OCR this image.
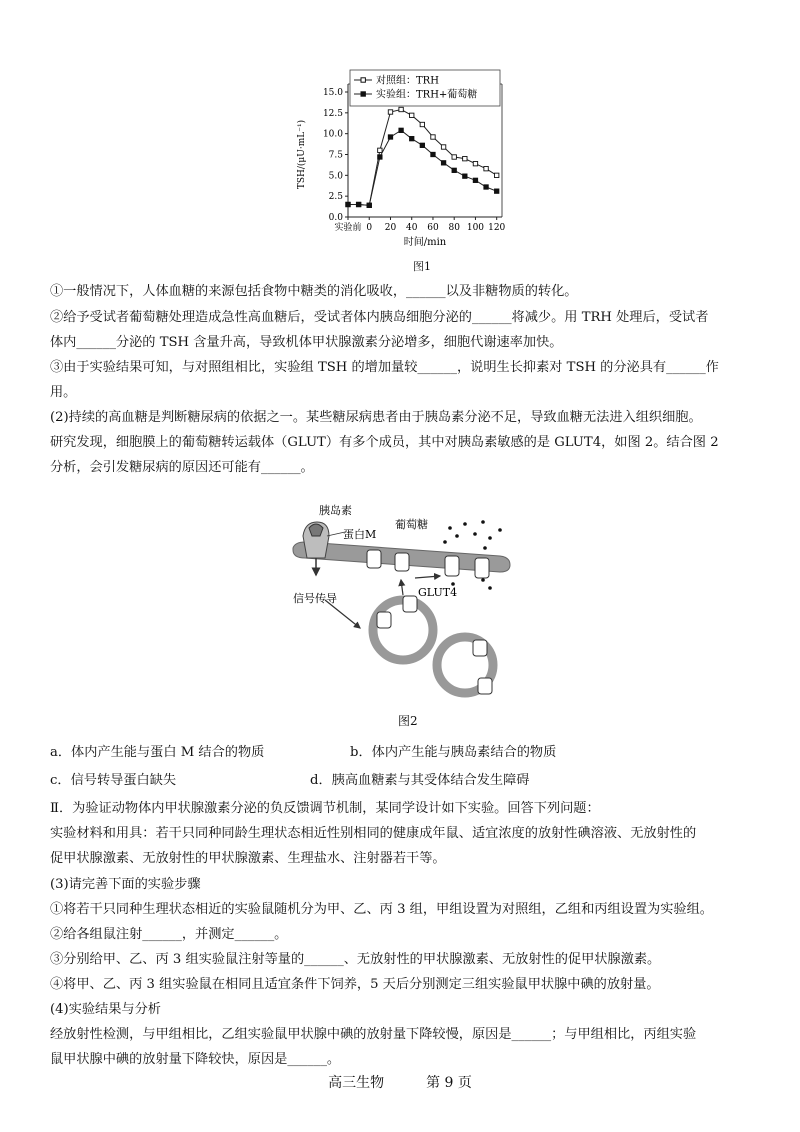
0.0
2.5
5.0
7.5
10.0
12.5
15.0
实验前 0 20 40 60 80 100 120
时间/min
TSH/(μU·mL⁻¹)
对照组：TRH
实验组：TRH+葡萄糖
图1
①一般情况下，人体血糖的来源包括食物中糖类的消化吸收，______以及非糖物质的转化。
②给予受试者葡萄糖处理造成急性高血糖后，受试者体内胰岛细胞分泌的______将减少。用 TRH 处理后，受试者
体内______分泌的 TSH 含量升高，导致机体甲状腺激素分泌增多，细胞代谢速率加快。
③由于实验结果可知，与对照组相比，实验组 TSH 的增加量较______，说明生长抑素对 TSH 的分泌具有______作
用。
(2)持续的高血糖是判断糖尿病的依据之一。某些糖尿病患者由于胰岛素分泌不足，导致血糖无法进入组织细胞。
研究发现，细胞膜上的葡萄糖转运载体（GLUT）有多个成员，其中对胰岛素敏感的是 GLUT4，如图 2。结合图 2
分析，会引发糖尿病的原因还可能有______。
胰岛素
蛋白M
葡萄糖
信号传导	GLUT4
图2
a．体内产生能与蛋白 M 结合的物质	b．体内产生能与胰岛素结合的物质
c．信号转导蛋白缺失	d．胰高血糖素与其受体结合发生障碍
Ⅱ．为验证动物体内甲状腺激素分泌的负反馈调节机制，某同学设计如下实验。回答下列问题：
实验材料和用具：若干只同种同龄生理状态相近性别相同的健康成年鼠、适宜浓度的放射性碘溶液、无放射性的
促甲状腺激素、无放射性的甲状腺激素、生理盐水、注射器若干等。
(3)请完善下面的实验步骤
①将若干只同种生理状态相近的实验鼠随机分为甲、乙、丙 3 组，甲组设置为对照组，乙组和丙组设置为实验组。
②给各组鼠注射______，并测定______。
③分别给甲、乙、丙 3 组实验鼠注射等量的______、无放射性的甲状腺激素、无放射性的促甲状腺激素。
④将甲、乙、丙 3 组实验鼠在相同且适宜条件下饲养，5 天后分别测定三组实验鼠甲状腺中碘的放射量。
(4)实验结果与分析
经放射性检测，与甲组相比，乙组实验鼠甲状腺中碘的放射量下降较慢，原因是______；与甲组相比，丙组实验
鼠甲状腺中碘的放射量下降较快，原因是______。
高三生物　　　第 9 页
